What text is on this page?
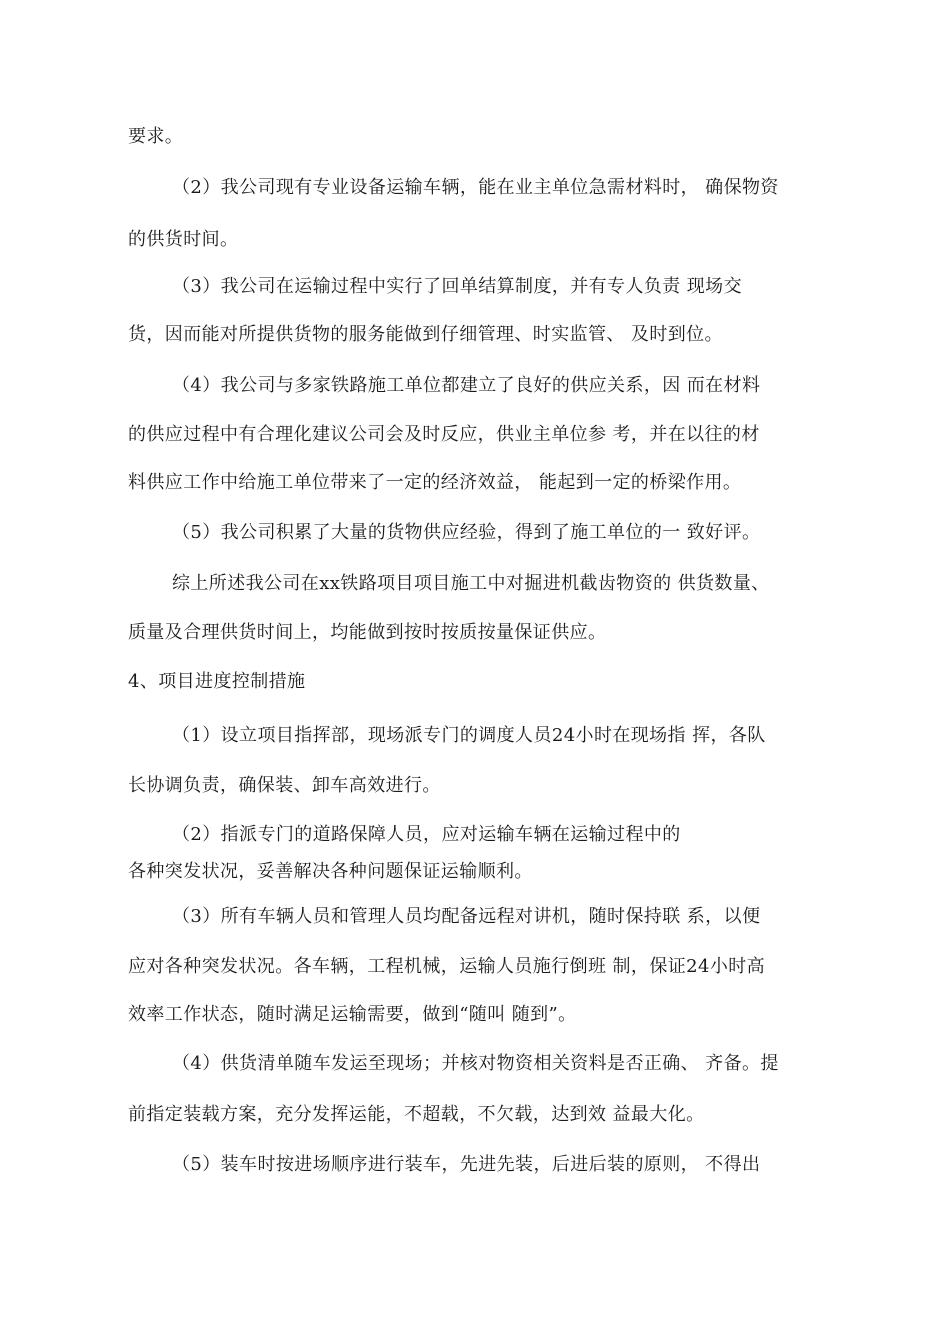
要求。
（2）我公司现有专业设备运输车辆，能在业主单位急需材料时， 确保物资
的供货时间。
（3）我公司在运输过程中实行了回单结算制度，并有专人负责 现场交
货，因而能对所提供货物的服务能做到仔细管理、时实监管、 及时到位。
（4）我公司与多家铁路施工单位都建立了良好的供应关系，因 而在材料
的供应过程中有合理化建议公司会及时反应，供业主单位参 考，并在以往的材
料供应工作中给施工单位带来了一定的经济效益， 能起到一定的桥梁作用。
（5）我公司积累了大量的货物供应经验，得到了施工单位的一 致好评。
综上所述我公司在xx铁路项目项目施工中对掘进机截齿物资的 供货数量、
质量及合理供货时间上，均能做到按时按质按量保证供应。
4、项目进度控制措施
（1）设立项目指挥部，现场派专门的调度人员24小时在现场指 挥，各队
长协调负责，确保装、卸车高效进行。
（2）指派专门的道路保障人员，应对运输车辆在运输过程中的
各种突发状况，妥善解决各种问题保证运输顺利。
（3）所有车辆人员和管理人员均配备远程对讲机，随时保持联 系，以便
应对各种突发状况。各车辆，工程机械，运输人员施行倒班 制，保证24小时高
效率工作状态，随时满足运输需要，做到“随叫 随到”。
（4）供货清单随车发运至现场；并核对物资相关资料是否正确、 齐备。提
前指定装载方案，充分发挥运能，不超载，不欠载，达到效 益最大化。
（5）装车时按进场顺序进行装车，先进先装，后进后装的原则， 不得出
